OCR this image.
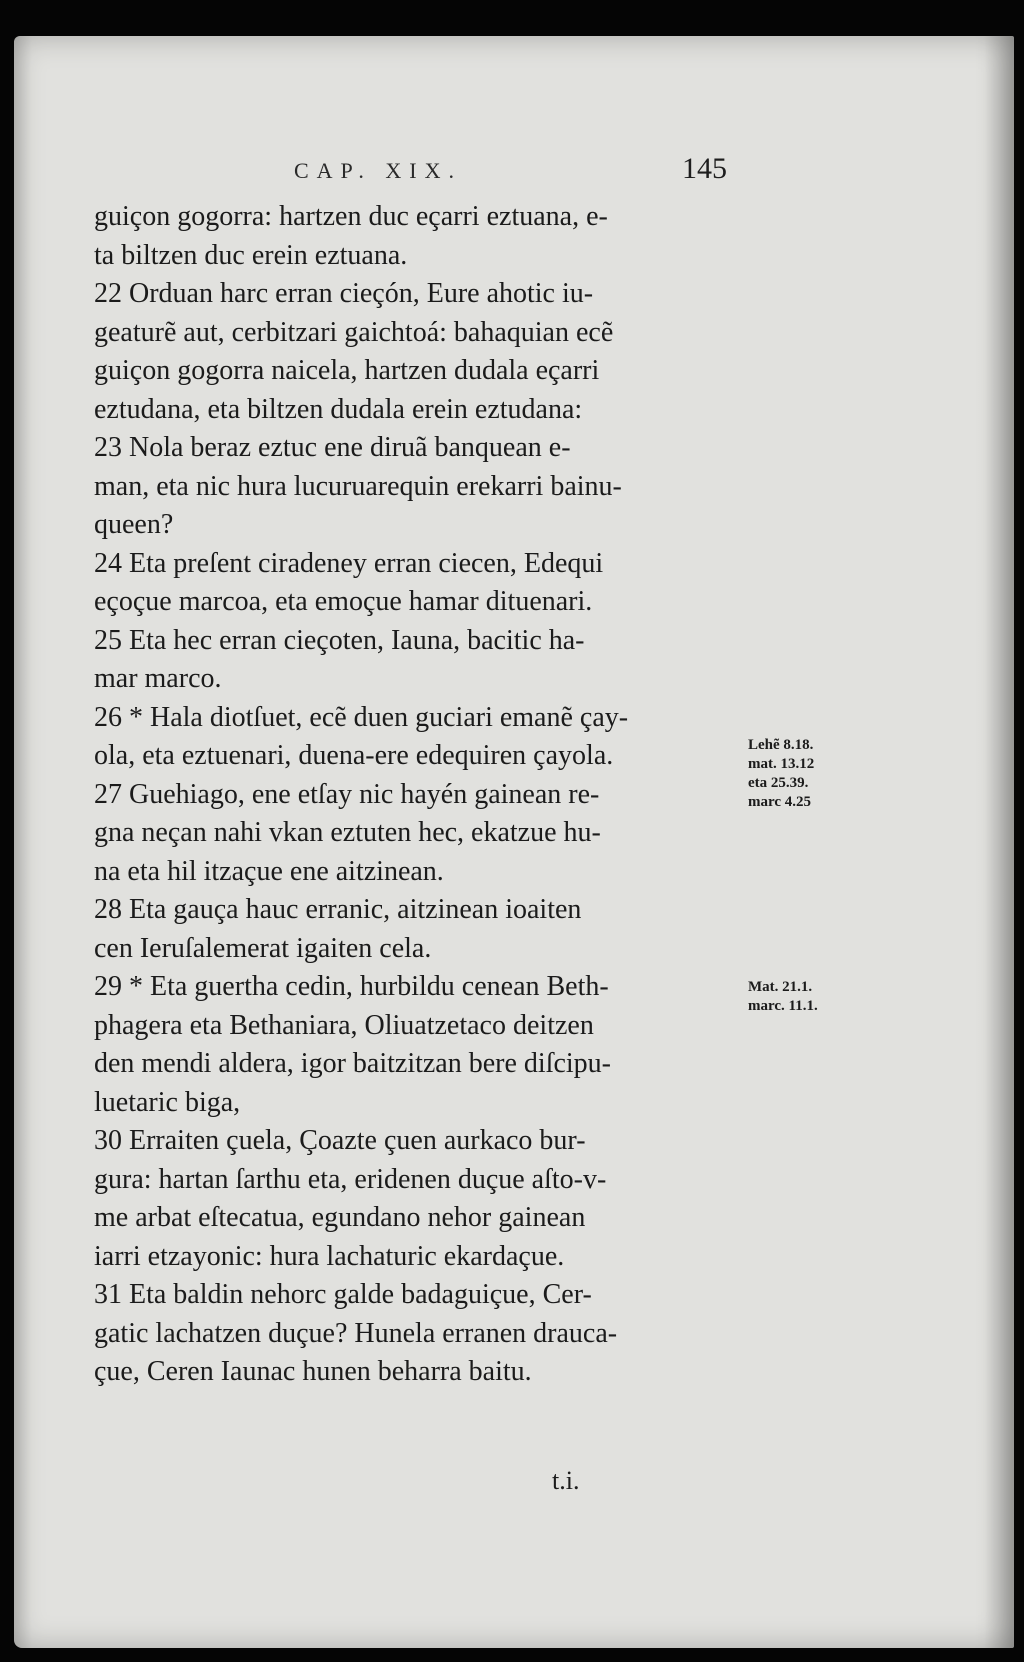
CAP. XIX.	145
guiçon gogorra: hartzen duc eçarri eztuana, e-
ta biltzen duc erein eztuana.
22 Orduan harc erran cieçón, Eure ahotic iu-
geaturẽ aut, cerbitzari gaichtoá: bahaquian ecẽ
guiçon gogorra naicela, hartzen dudala eçarri
eztudana, eta biltzen dudala erein eztudana:
23 Nola beraz eztuc ene diruã banquean e-
man, eta nic hura lucuruarequin erekarri bainu-
queen?
24 Eta preſent ciradeney erran ciecen, Edequi
eçoçue marcoa, eta emoçue hamar dituenari.
25 Eta hec erran cieçoten, Iauna, bacitic ha-
mar marco.
26 * Hala diotſuet, ecẽ duen guciari emanẽ çay-
ola, eta eztuenari, duena-ere edequiren çayola.
27 Guehiago, ene etſay nic hayén gainean re-
gna neçan nahi vkan eztuten hec, ekatzue hu-
na eta hil itzaçue ene aitzinean.
28 Eta gauça hauc erranic, aitzinean ioaiten
cen Ieruſalemerat igaiten cela.
29 * Eta guertha cedin, hurbildu cenean Beth-
phagera eta Bethaniara, Oliuatzetaco deitzen
den mendi aldera, igor baitzitzan bere diſcipu-
luetaric biga,
30 Erraiten çuela, Çoazte çuen aurkaco bur-
gura: hartan ſarthu eta, eridenen duçue aſto-v-
me arbat eſtecatua, egundano nehor gainean
iarri etzayonic: hura lachaturic ekardaçue.
31 Eta baldin nehorc galde badaguiçue, Cer-
gatic lachatzen duçue? Hunela erranen drauca-
çue, Ceren Iaunac hunen beharra baitu.
Lehẽ 8.18.
mat. 13.12
eta 25.39.
marc 4.25
Mat. 21.1.
marc. 11.1.
t.i.
